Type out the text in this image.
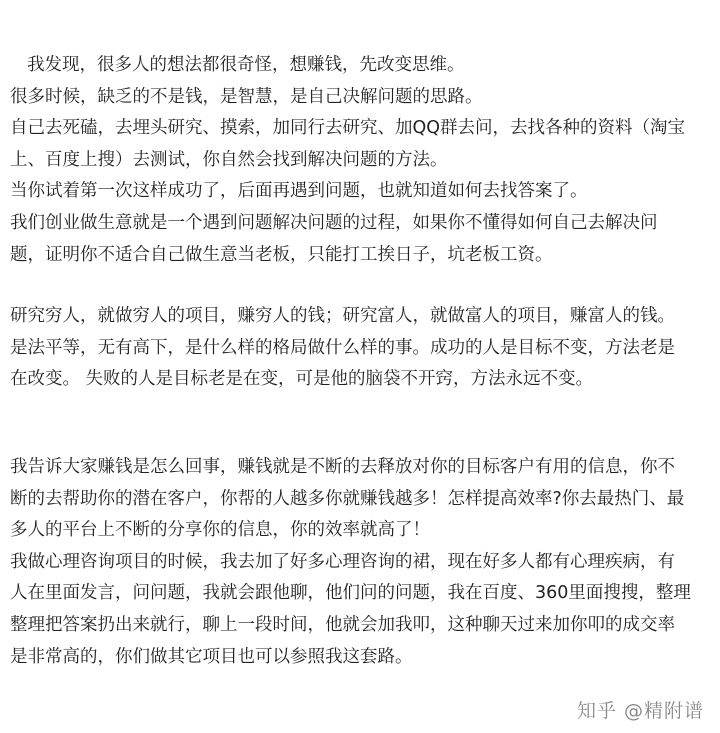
我发现，很多人的想法都很奇怪，想赚钱，先改变思维。
很多时候，缺乏的不是钱，是智慧，是自己决解问题的思路。
自己去死磕，去埋头研究、摸索，加同行去研究、加QQ群去问，去找各种的资料（淘宝
上、百度上搜）去测试，你自然会找到解决问题的方法。
当你试着第一次这样成功了，后面再遇到问题，也就知道如何去找答案了。
我们创业做生意就是一个遇到问题解决问题的过程，如果你不懂得如何自己去解决问
题，证明你不适合自己做生意当老板，只能打工挨日子，坑老板工资。
研究穷人，就做穷人的项目，赚穷人的钱；研究富人，就做富人的项目，赚富人的钱。
是法平等，无有高下，是什么样的格局做什么样的事。成功的人是目标不变，方法老是
在改变。 失败的人是目标老是在变，可是他的脑袋不开窍，方法永远不变。
我告诉大家赚钱是怎么回事，赚钱就是不断的去释放对你的目标客户有用的信息，你不
断的去帮助你的潜在客户，你帮的人越多你就赚钱越多！怎样提高效率?你去最热门、最
多人的平台上不断的分享你的信息，你的效率就高了！
我做心理咨询项目的时候，我去加了好多心理咨询的裙，现在好多人都有心理疾病，有
人在里面发言，问问题，我就会跟他聊，他们问的问题，我在百度、360里面搜搜，整理
整理把答案扔出来就行，聊上一段时间，他就会加我叩，这种聊天过来加你叩的成交率
是非常高的，你们做其它项目也可以参照我这套路。
知乎 @精附谱
